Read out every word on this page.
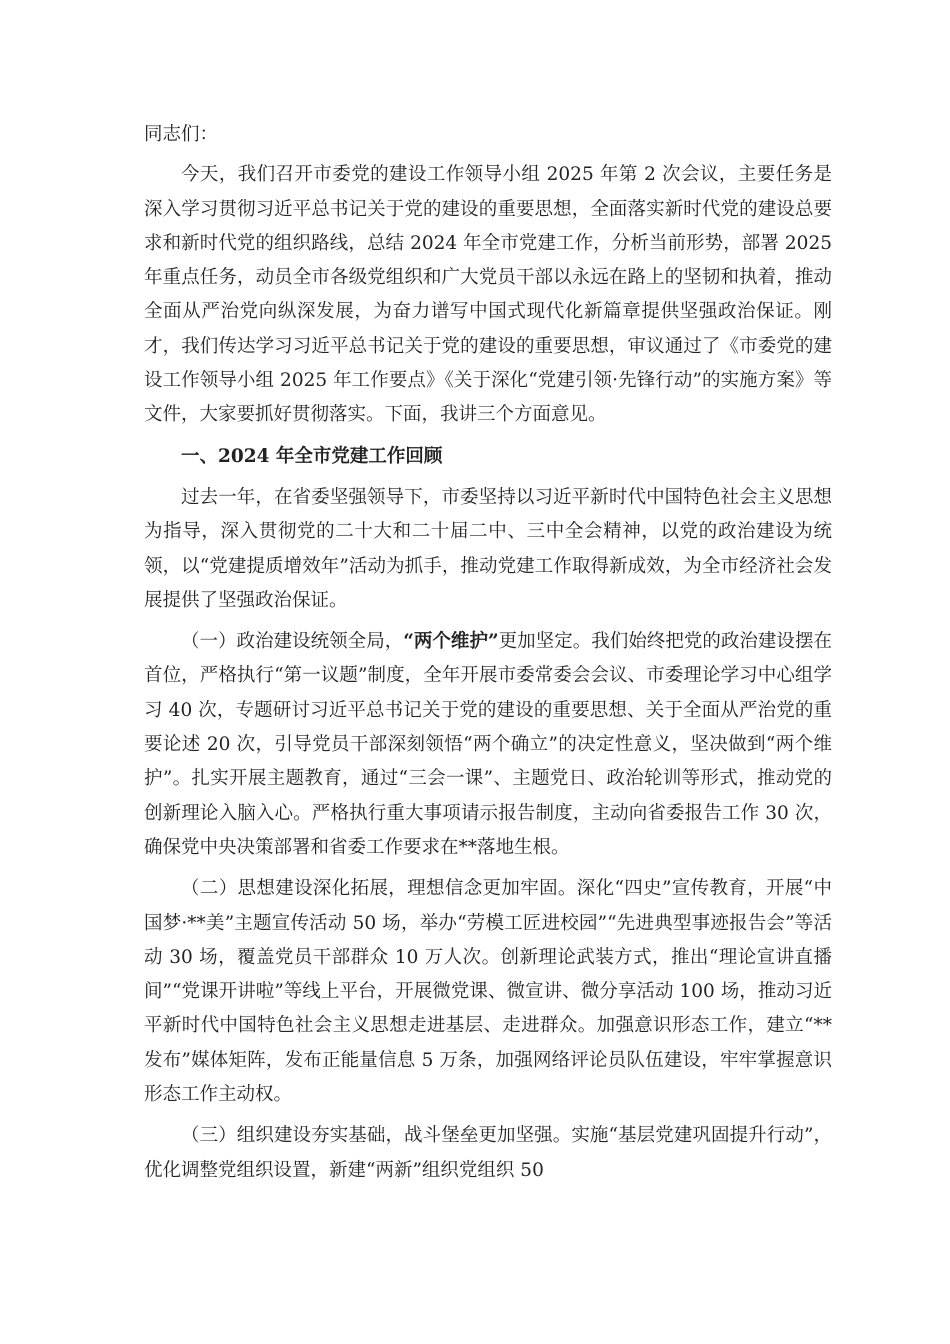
同志们：

今天，我们召开市委党的建设工作领导小组 2025 年第 2 次会议，主要任务是深入学习贯彻习近平总书记关于党的建设的重要思想，全面落实新时代党的建设总要求和新时代党的组织路线，总结 2024 年全市党建工作，分析当前形势，部署 2025 年重点任务，动员全市各级党组织和广大党员干部以永远在路上的坚韧和执着，推动全面从严治党向纵深发展，为奋力谱写中国式现代化新篇章提供坚强政治保证。刚才，我们传达学习习近平总书记关于党的建设的重要思想，审议通过了《市委党的建设工作领导小组 2025 年工作要点》《关于深化“党建引领·先锋行动”的实施方案》等文件，大家要抓好贯彻落实。下面，我讲三个方面意见。

一、2024 年全市党建工作回顾

过去一年，在省委坚强领导下，市委坚持以习近平新时代中国特色社会主义思想为指导，深入贯彻党的二十大和二十届二中、三中全会精神，以党的政治建设为统领，以“党建提质增效年”活动为抓手，推动党建工作取得新成效，为全市经济社会发展提供了坚强政治保证。

（一）政治建设统领全局，“两个维护”更加坚定。我们始终把党的政治建设摆在首位，严格执行“第一议题”制度，全年开展市委常委会会议、市委理论学习中心组学习 40 次，专题研讨习近平总书记关于党的建设的重要思想、关于全面从严治党的重要论述 20 次，引导党员干部深刻领悟“两个确立”的决定性意义，坚决做到“两个维护”。扎实开展主题教育，通过“三会一课”、主题党日、政治轮训等形式，推动党的创新理论入脑入心。严格执行重大事项请示报告制度，主动向省委报告工作 30 次，确保党中央决策部署和省委工作要求在**落地生根。

（二）思想建设深化拓展，理想信念更加牢固。深化“四史”宣传教育，开展“中国梦·**美”主题宣传活动 50 场，举办“劳模工匠进校园”“先进典型事迹报告会”等活动 30 场，覆盖党员干部群众 10 万人次。创新理论武装方式，推出“理论宣讲直播间”“党课开讲啦”等线上平台，开展微党课、微宣讲、微分享活动 100 场，推动习近平新时代中国特色社会主义思想走进基层、走进群众。加强意识形态工作，建立“**发布”媒体矩阵，发布正能量信息 5 万条，加强网络评论员队伍建设，牢牢掌握意识形态工作主动权。

（三）组织建设夯实基础，战斗堡垒更加坚强。实施“基层党建巩固提升行动”，优化调整党组织设置，新建“两新”组织党组织 50
